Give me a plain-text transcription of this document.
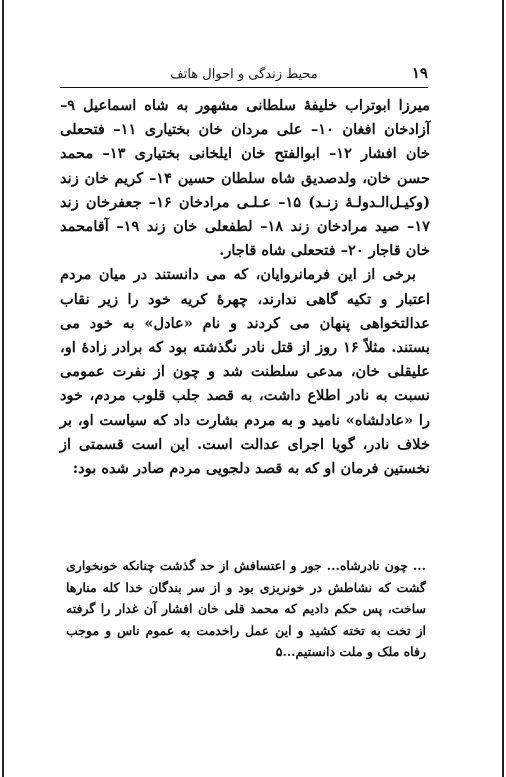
۱۹
محیط زندگی و احوال هاتف

میرزا ابوتراب خلیفهٔ سلطانی مشهور به شاه اسماعیل ۹– آزادخان افغان ۱۰– علی مردان خان بختیاری ۱۱– فتحعلی خان افشار ۱۲– ابوالفتح خان ایلخانی بختیاری ۱۳– محمد حسن خان، ولدصدیق شاه سلطان حسین ۱۴– کریم خان زند (وکیـل‌الـدولـهٔ زنـد) ۱۵– عـلـی مرادخان ۱۶– جعفرخان زند ۱۷– صید مرادخان زند ۱۸– لطفعلی خان زند ۱۹– آقامحمد خان قاجار ۲۰– فتحعلی شاه قاجار.

برخی از این فرمانروایان، که می دانستند در میان مردم اعتبار و تکیه گاهی ندارند، چهرهٔ کریه خود را زیر نقاب عدالتخواهی پنهان می کردند و نام «عادل» به خود می بستند. مثلاً ۱۶ روز از قتل نادر نگذشته بود که برادر زادهٔ او، علیقلی خان، مدعی سلطنت شد و چون از نفرت عمومی نسبت به نادر اطلاع داشت، به قصد جلب قلوب مردم، خود را «عادلشاه» نامید و به مردم بشارت داد که سیاست او، بر خلاف نادر، گویا اجرای عدالت است. این است قسمتی از نخستین فرمان او که به قصد دلجویی مردم صادر شده بود:

... چون نادرشاه... جور و اعتسافش از حد گذشت چنانکه خونخواری گشت که نشاطش در خونریزی بود و از سر بندگان خدا کله منارها ساخت، پس حکم دادیم که محمد قلی خان افشار آن غدار را گرفته از تخت به تخته کشید و این عمل راخدمت به عموم ناس و موجب رفاه ملک و ملت دانستیم...۵
